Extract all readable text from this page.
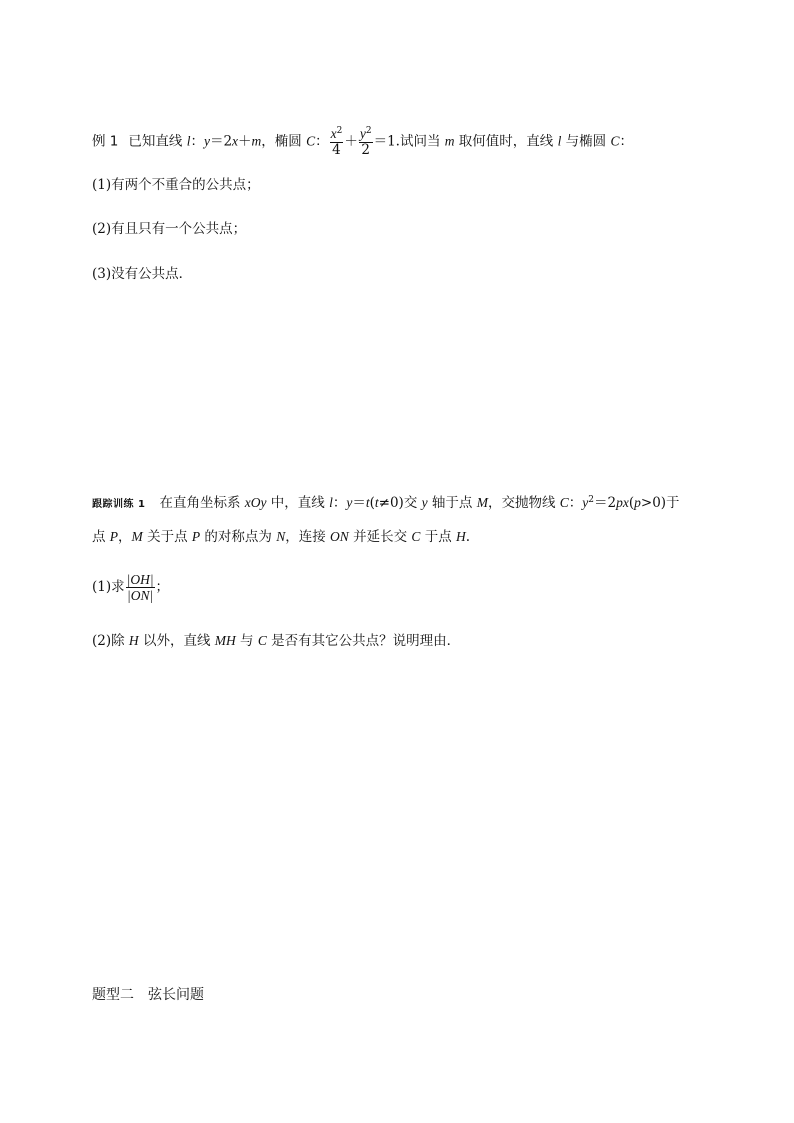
例 1 已知直线 l：y＝2x＋m，椭圆 C： $\frac{x^2}{4} + \frac{y^2}{2} =1$.试问当 m 取何值时，直线 l 与椭圆 C：
(1)有两个不重合的公共点；
(2)有且只有一个公共点；
(3)没有公共点．
跟踪训练 1 在直角坐标系 xOy 中，直线 l：y＝t(t≠0)交 y 轴于点 M，交抛物线 C：$y^2=2px(p>0)$于
点 P，M 关于点 P 的对称点为 N，连接 ON 并延长交 C 于点 H.
(1)求 $\frac{|OH|}{|ON|}$ ；
(2)除 H 以外，直线 MH 与 C 是否有其它公共点？说明理由．
题型二 弦长问题
